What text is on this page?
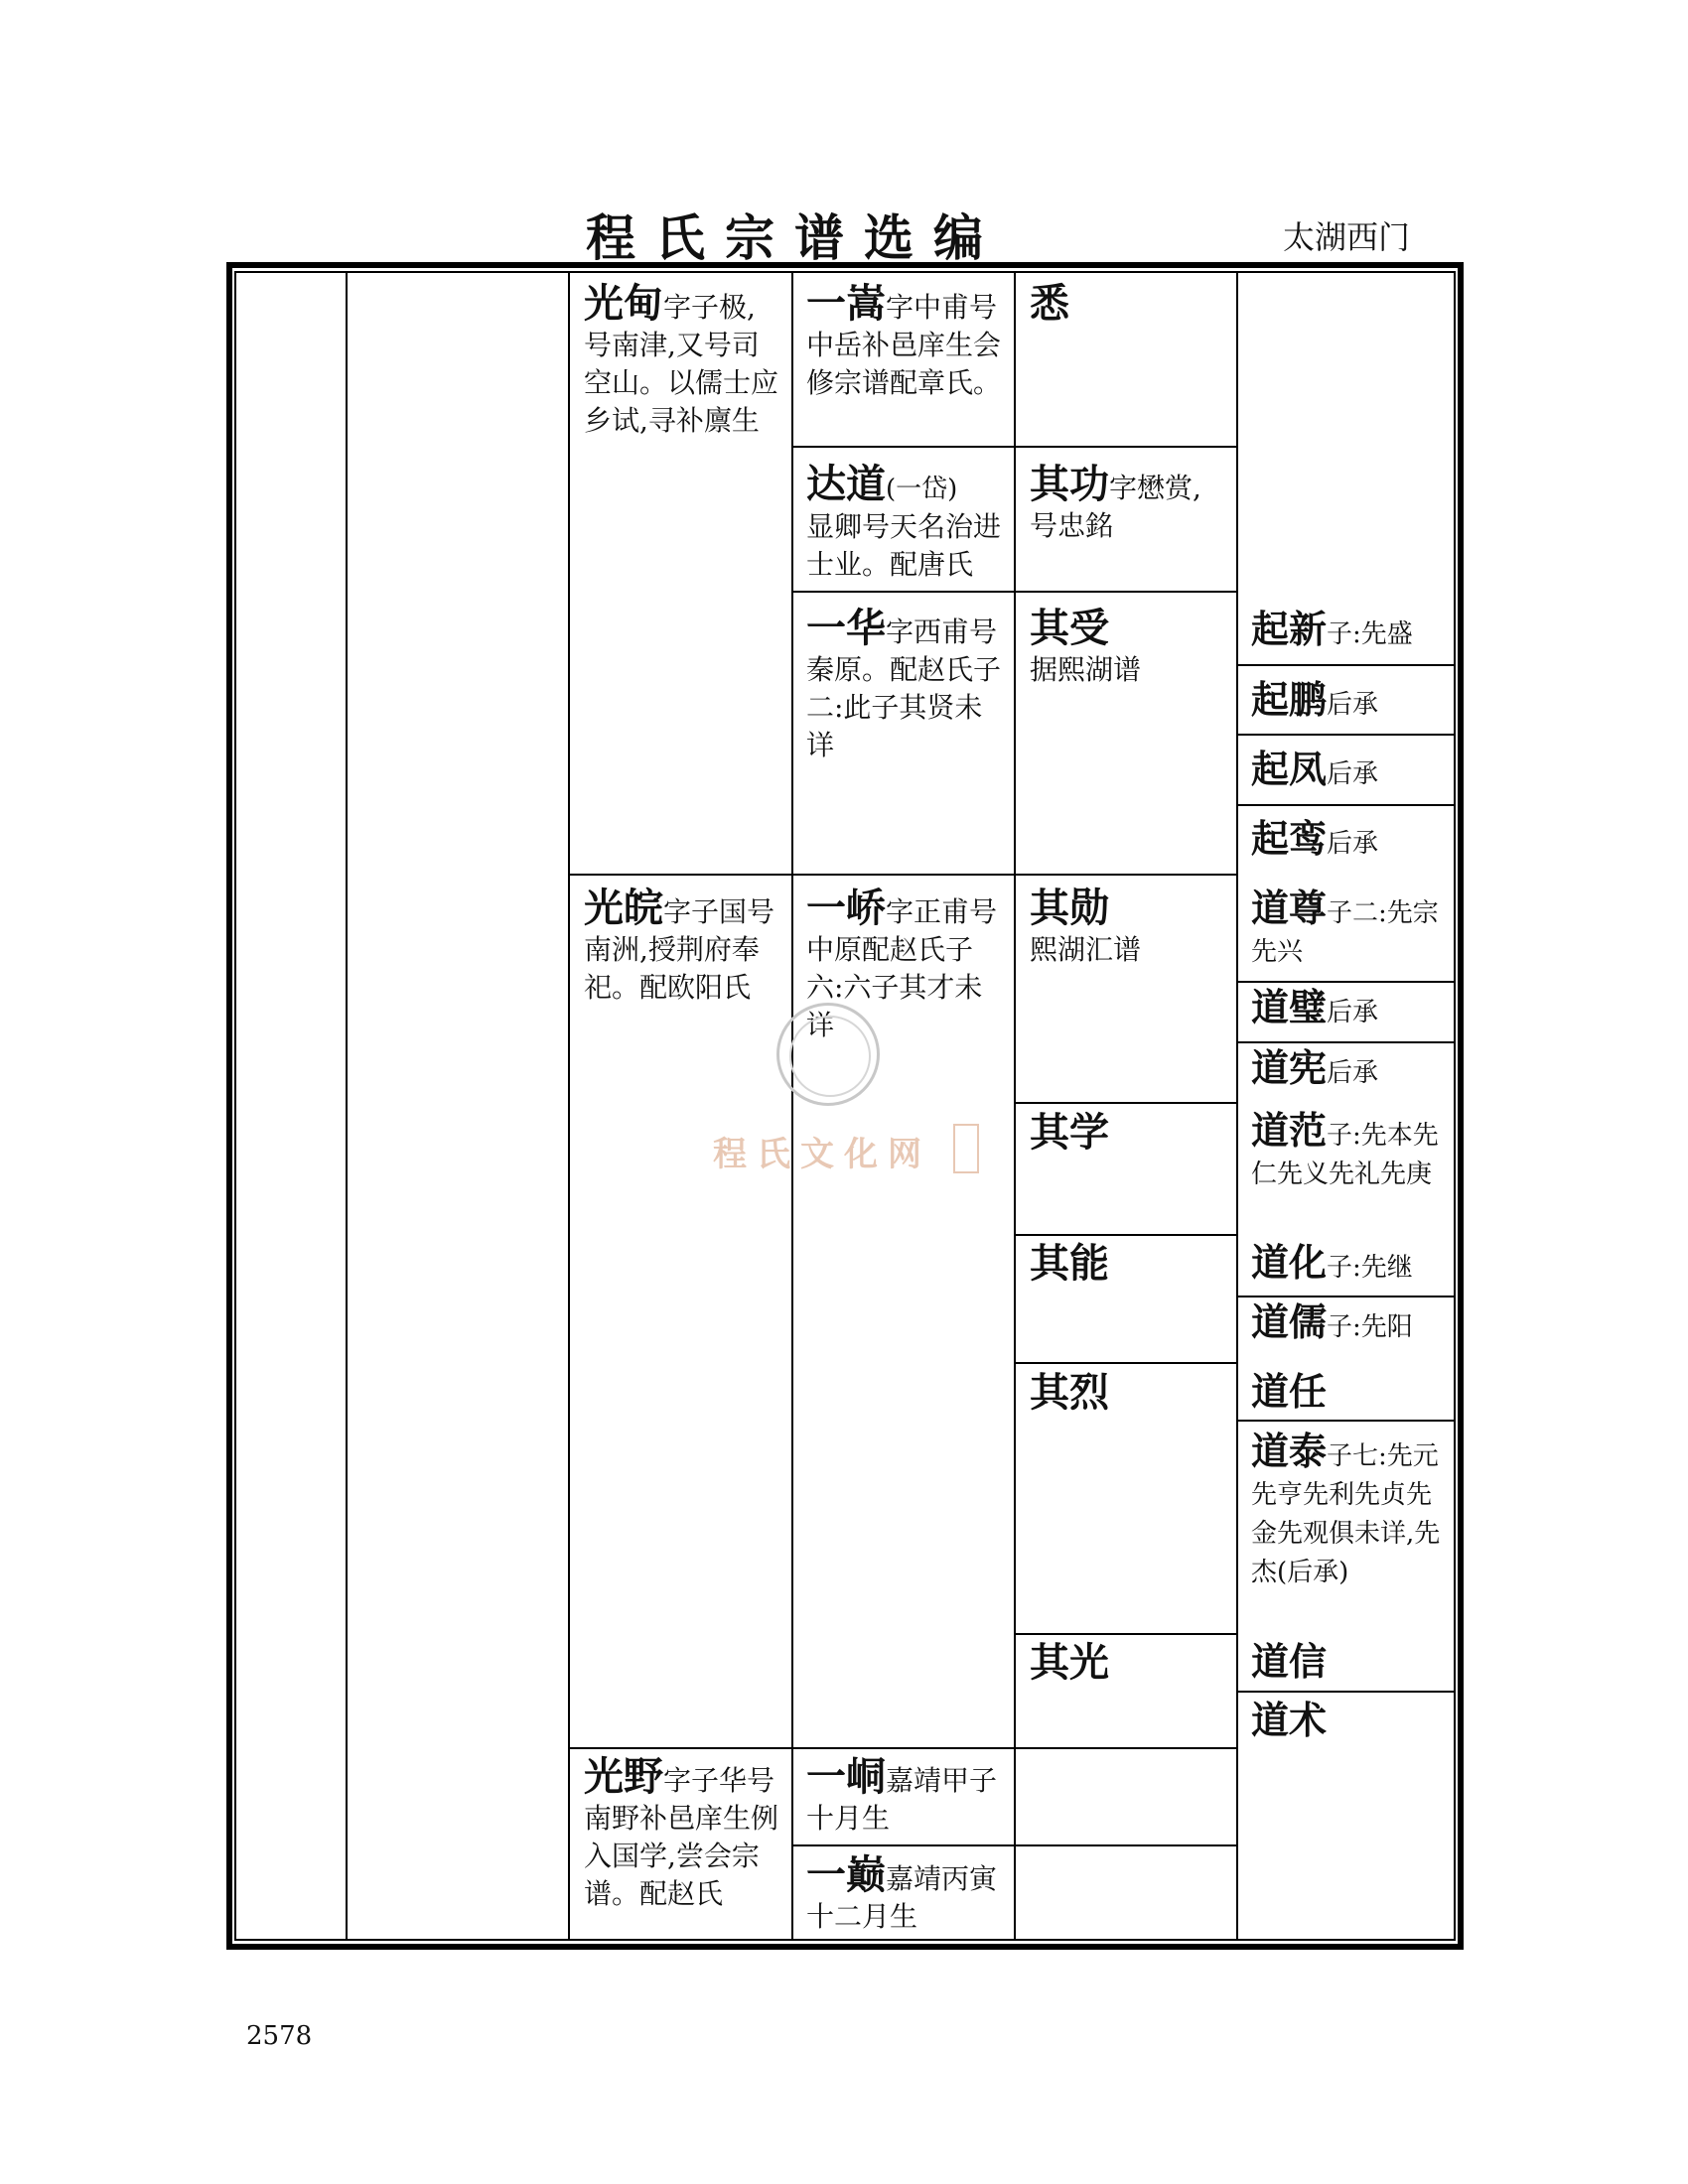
程氏宗谱选编	太湖西门
光甸字子极,号南津,又号司空山。以儒士应乡试,寻补廪生
光皖字子国号南洲,授荆府奉祀。配欧阳氏
光野字子华号南野补邑庠生例入国学,尝会宗谱。配赵氏
一嵩字中甫号中岳补邑庠生会修宗谱配章氏。
达道(一岱)
显卿号天名治进士业。配唐氏
一华字西甫号秦原。配赵氏子二:此子其贤未详
一峤字正甫号中原配赵氏子六:六子其才未详
一峒嘉靖甲子十月生
一巅嘉靖丙寅十二月生
悉
其功字懋赏,号忠銘
其受
据熙湖谱
其勋
熙湖汇谱
其学
其能
其烈
其光
起新子:先盛
起鹏后承
起凤后承
起鸾后承
道尊子二:先宗先兴
道璧后承
道宪后承
道范子:先本先仁先义先礼先庚
道化子:先继
道儒子:先阳
道任
道泰子七:先元先亨先利先贞先金先观俱未详,先杰(后承)
道信
道术
程氏文化网
2578
